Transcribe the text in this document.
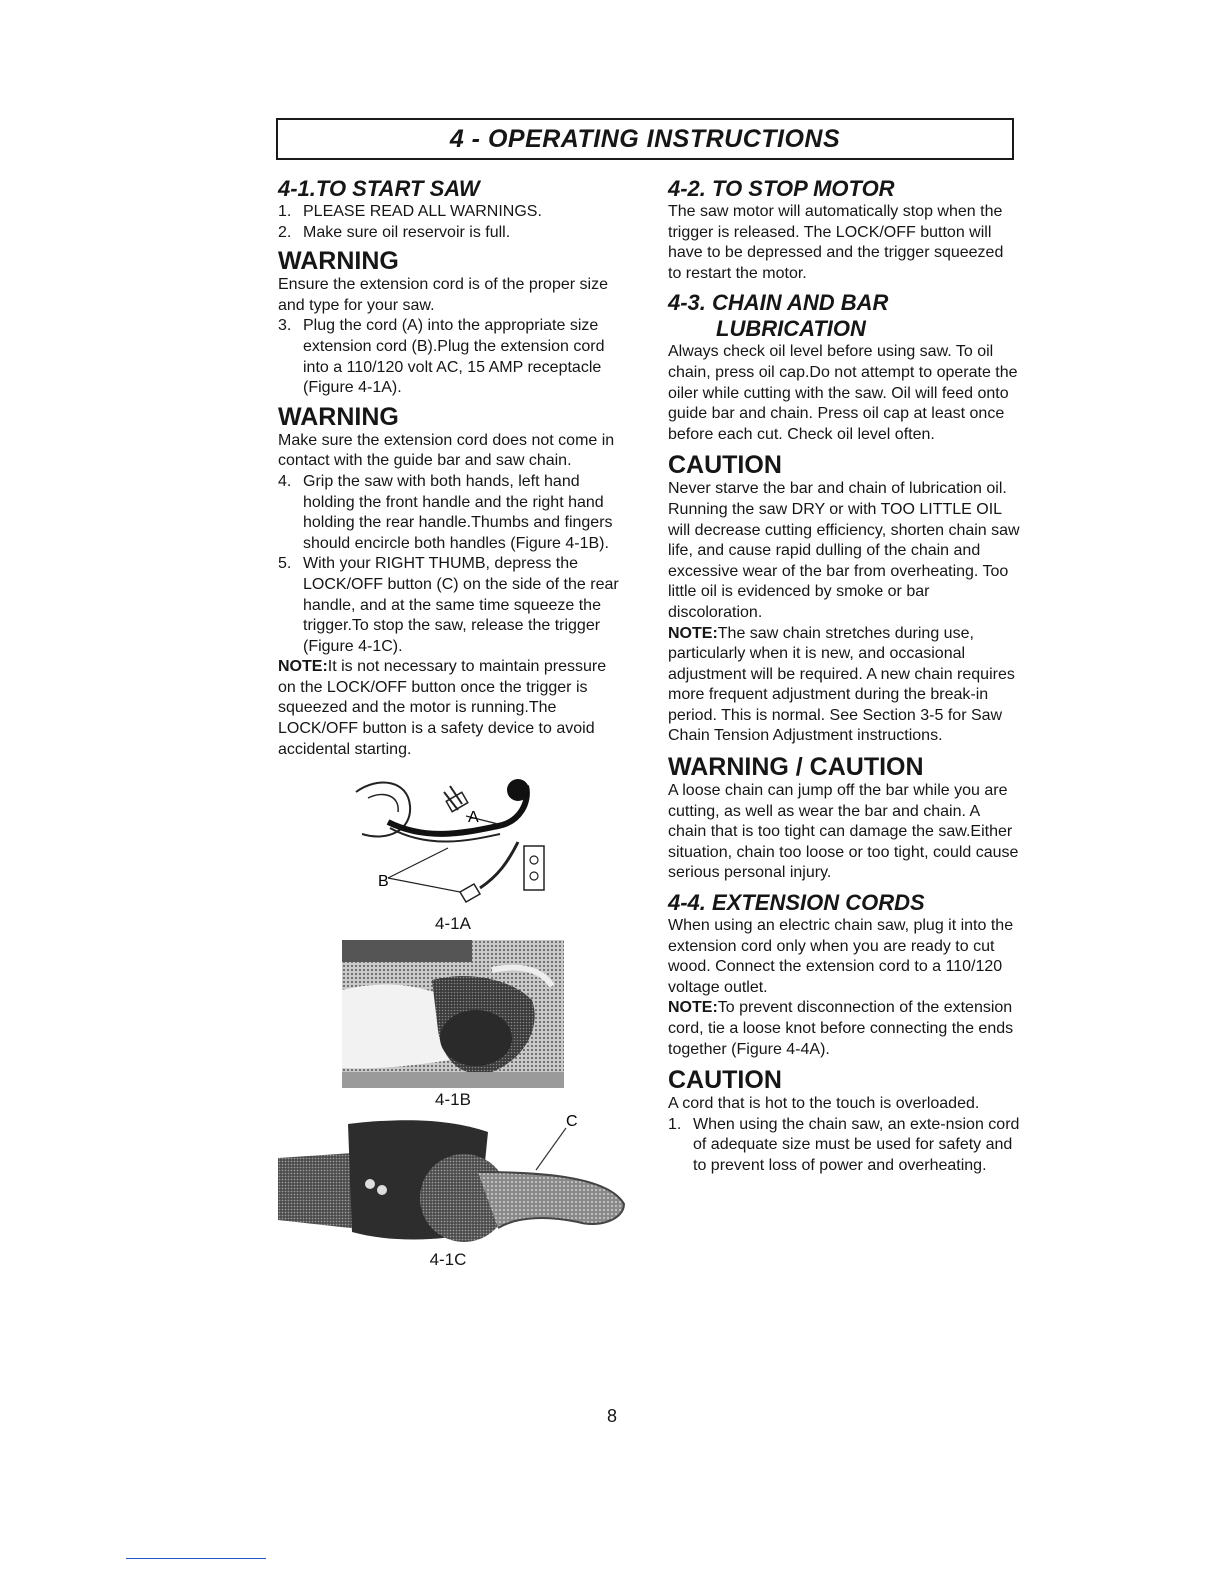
4 - OPERATING INSTRUCTIONS
4-1.TO START SAW
1. PLEASE READ ALL WARNINGS.
2. Make sure oil reservoir is full.
WARNING

Ensure the extension cord is of the proper size and type for your saw.

3. Plug the cord (A) into the appropriate size extension cord (B).Plug the extension cord into a 110/120 volt AC, 15 AMP receptacle (Figure 4-1A).
WARNING

Make sure the extension cord does not come in contact with the guide bar and saw chain.

4. Grip the saw with both hands, left hand holding the front handle and the right hand holding the rear handle.Thumbs and fingers should encircle both handles (Figure 4-1B).
5. With your RIGHT THUMB, depress the LOCK/OFF button (C) on the side of the rear handle, and at the same time squeeze the trigger.To stop the saw, release the trigger (Figure 4-1C).

NOTE:It is not necessary to maintain pressure on the LOCK/OFF button once the trigger is squeezed and the motor is running.The LOCK/OFF button is a safety device to avoid accidental starting.

A
B
4-1A
4-1B
C
4-1C
4-2. TO STOP MOTOR

The saw motor will automatically stop when the trigger is released. The LOCK/OFF button will have to be depressed and the trigger squeezed to restart the motor.

4-3. CHAIN AND BAR
LUBRICATION

Always check oil level before using saw. To oil chain, press oil cap.Do not attempt to operate the oiler while cutting with the saw. Oil will feed onto guide bar and chain. Press oil cap at least once before each cut. Check oil level often.

CAUTION

Never starve the bar and chain of lubrication oil. Running the saw DRY or with TOO LITTLE OIL will decrease cutting efficiency, shorten chain saw life, and cause rapid dulling of the chain and excessive wear of the bar from overheating. Too little oil is evidenced by smoke or bar discoloration.

NOTE:The saw chain stretches during use, particularly when it is new, and occasional adjustment will be required. A new chain requires more frequent adjustment during the break-in period. This is normal. See Section 3-5 for Saw Chain Tension Adjustment instructions.

WARNING / CAUTION

A loose chain can jump off the bar while you are cutting, as well as wear the bar and chain. A chain that is too tight can damage the saw.Either situation, chain too loose or too tight, could cause serious personal injury.

4-4. EXTENSION CORDS

When using an electric chain saw, plug it into the extension cord only when you are ready to cut wood. Connect the extension cord to a 110/120 voltage outlet.

NOTE:To prevent disconnection of the extension cord, tie a loose knot before connecting the ends together (Figure 4-4A).

CAUTION

A cord that is hot to the touch is overloaded.

1. When using the chain saw, an exte-nsion cord of adequate size must be used for safety and to prevent loss of power and overheating.
8
